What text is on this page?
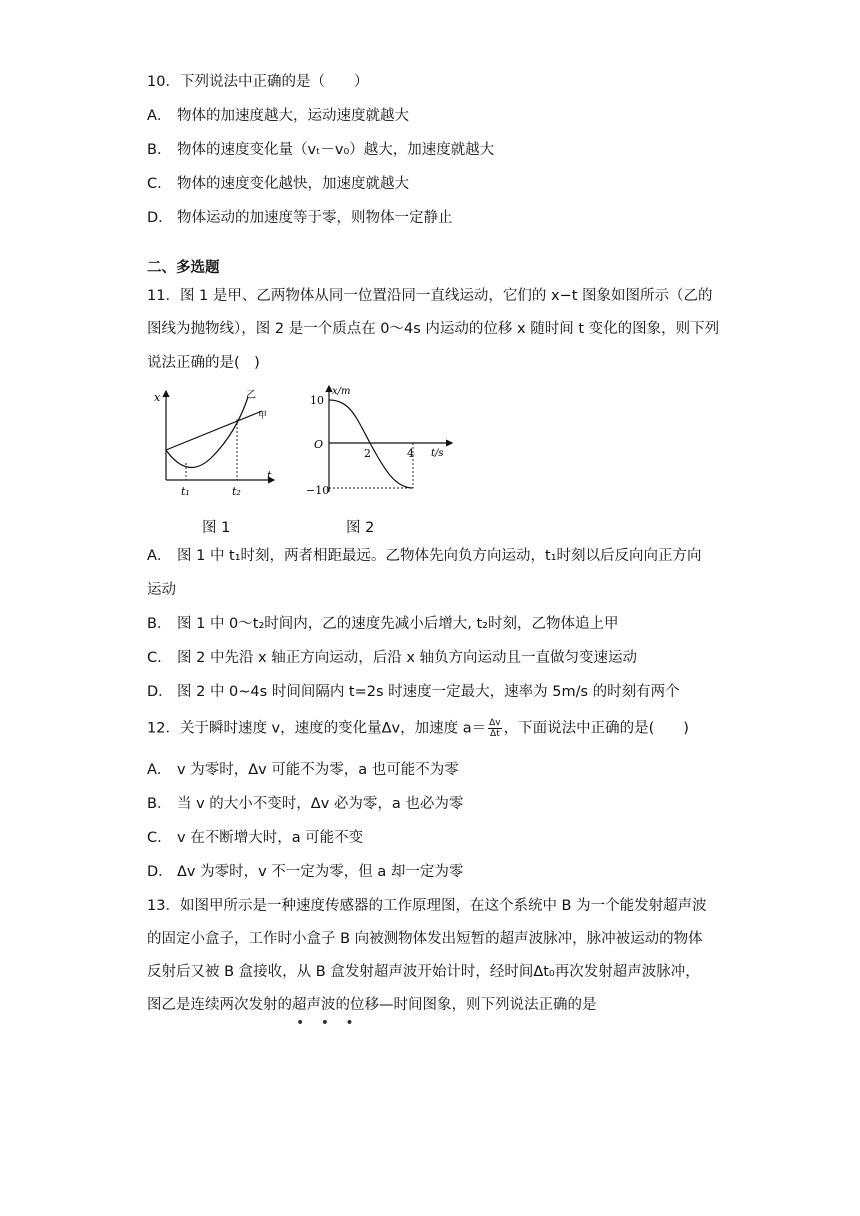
10．下列说法中正确的是（　　）
A． 物体的加速度越大，运动速度就越大
B． 物体的速度变化量（vₜ－v₀）越大，加速度就越大
C． 物体的速度变化越快，加速度就越大
D． 物体运动的加速度等于零，则物体一定静止
二、多选题
11．图 1 是甲、乙两物体从同一位置沿同一直线运动，它们的 x−t 图象如图所示（乙的
图线为抛物线），图 2 是一个质点在 0～4s 内运动的位移 x 随时间 t 变化的图象，则下列
说法正确的是(　)
x
t
乙
甲
t₁	t₂
图 1
x/m
t/s
10
−10
O
2	4
图 2
A． 图 1 中 t₁时刻，两者相距最远。乙物体先向负方向运动，t₁时刻以后反向向正方向
运动
B． 图 1 中 0～t₂时间内，乙的速度先减小后增大, t₂时刻，乙物体追上甲
C． 图 2 中先沿 x 轴正方向运动，后沿 x 轴负方向运动且一直做匀变速运动
D． 图 2 中 0~4s 时间间隔内 t=2s 时速度一定最大，速率为 5m/s 的时刻有两个
12．关于瞬时速度 v，速度的变化量Δv，加速度 $a= \frac{\Delta v}{\Delta t}$ ，下面说法中正确的是(　　)
A． v 为零时，Δv 可能不为零，a 也可能不为零
B． 当 v 的大小不变时，Δv 必为零，a 也必为零
C． v 在不断增大时，a 可能不变
D． Δv 为零时，v 不一定为零，但 a 却一定为零
13．如图甲所示是一种速度传感器的工作原理图，在这个系统中 B 为一个能发射超声波
的固定小盒子，工作时小盒子 B 向被测物体发出短暂的超声波脉冲，脉冲被运动的物体
反射后又被 B 盒接收，从 B 盒发射超声波开始计时，经时间Δt₀再次发射超声波脉冲，
图乙是连续两次发射的超声波的位移—时间图象，则下列说法正确的是
• • •
